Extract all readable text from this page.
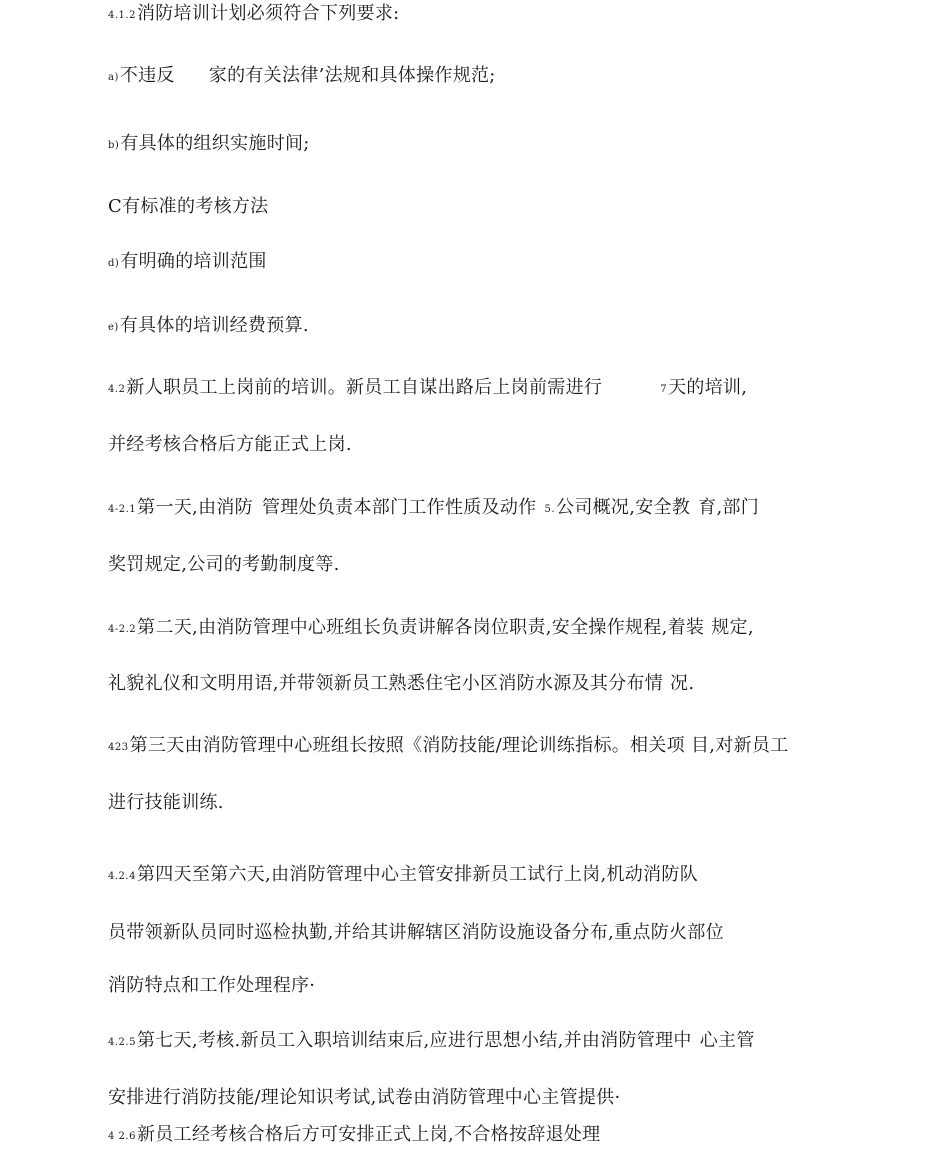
4.1.2消防培训计划必须符合下列要求:
a)不违反 家的有关法律’法规和具体操作规范;
b)有具体的组织实施时间;
C有标准的考核方法
d)有明确的培训范围
e)有具体的培训经费预算.
4.2新人职员工上岗前的培训。新员工自谋出路后上岗前需进行	7天的培训,
并经考核合格后方能正式上岗.
4-2.1第一天,由消防 管理处负责本部门工作性质及动作 5.公司概况,安全教 育,部门
奖罚规定,公司的考勤制度等.
4-2.2第二天,由消防管理中心班组长负责讲解各岗位职责,安全操作规程,着装 规定,
礼貌礼仪和文明用语,并带领新员工熟悉住宅小区消防水源及其分布情 况.
423第三天由消防管理中心班组长按照《消防技能/理论训练指标。相关项 目,对新员工
进行技能训练.
4.2.4第四天至第六天,由消防管理中心主管安排新员工试行上岗,机动消防队
员带领新队员同时巡检执勤,并给其讲解辖区消防设施设备分布,重点防火部位
消防特点和工作处理程序·
4.2.5第七天,考核.新员工入职培训结束后,应进行思想小结,并由消防管理中 心主管
安排进行消防技能/理论知识考试,试卷由消防管理中心主管提供·
4 2.6新员工经考核合格后方可安排正式上岗,不合格按辞退处理
